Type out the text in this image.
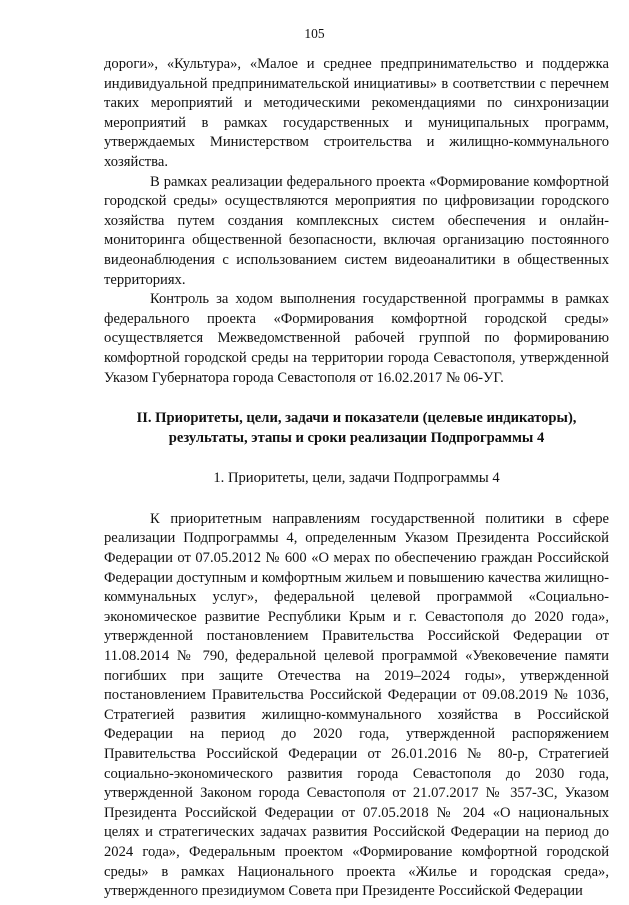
105

дороги», «Культура», «Малое и среднее предпринимательство и поддержка индивидуальной предпринимательской инициативы» в соответствии с перечнем таких мероприятий и методическими рекомендациями по синхронизации мероприятий в рамках государственных и муниципальных программ, утверждаемых Министерством строительства и жилищно-коммунального хозяйства.

В рамках реализации федерального проекта «Формирование комфортной городской среды» осуществляются мероприятия по цифровизации городского хозяйства путем создания комплексных систем обеспечения и онлайн-мониторинга общественной безопасности, включая организацию постоянного видеонаблюдения с использованием систем видеоаналитики в общественных территориях.

Контроль за ходом выполнения государственной программы в рамках федерального проекта «Формирования комфортной городской среды» осуществляется Межведомственной рабочей группой по формированию комфортной городской среды на территории города Севастополя, утвержденной Указом Губернатора города Севастополя от 16.02.2017 № 06-УГ.

II. Приоритеты, цели, задачи и показатели (целевые индикаторы), результаты, этапы и сроки реализации Подпрограммы 4

1. Приоритеты, цели, задачи Подпрограммы 4

К приоритетным направлениям государственной политики в сфере реализации Подпрограммы 4, определенным Указом Президента Российской Федерации от 07.05.2012 № 600 «О мерах по обеспечению граждан Российской Федерации доступным и комфортным жильем и повышению качества жилищно-коммунальных услуг», федеральной целевой программой «Социально-экономическое развитие Республики Крым и г. Севастополя до 2020 года», утвержденной постановлением Правительства Российской Федерации от 11.08.2014 № 790, федеральной целевой программой «Увековечение памяти погибших при защите Отечества на 2019–2024 годы», утвержденной постановлением Правительства Российской Федерации от 09.08.2019 № 1036, Стратегией развития жилищно-коммунального хозяйства в Российской Федерации на период до 2020 года, утвержденной распоряжением Правительства Российской Федерации от 26.01.2016 № 80-р, Стратегией социально-экономического развития города Севастополя до 2030 года, утвержденной Законом города Севастополя от 21.07.2017 № 357-ЗС, Указом Президента Российской Федерации от 07.05.2018 № 204 «О национальных целях и стратегических задачах развития Российской Федерации на период до 2024 года», Федеральным проектом «Формирование комфортной городской среды» в рамках Национального проекта «Жилье и городская среда», утвержденного президиумом Совета при Президенте Российской Федерации
